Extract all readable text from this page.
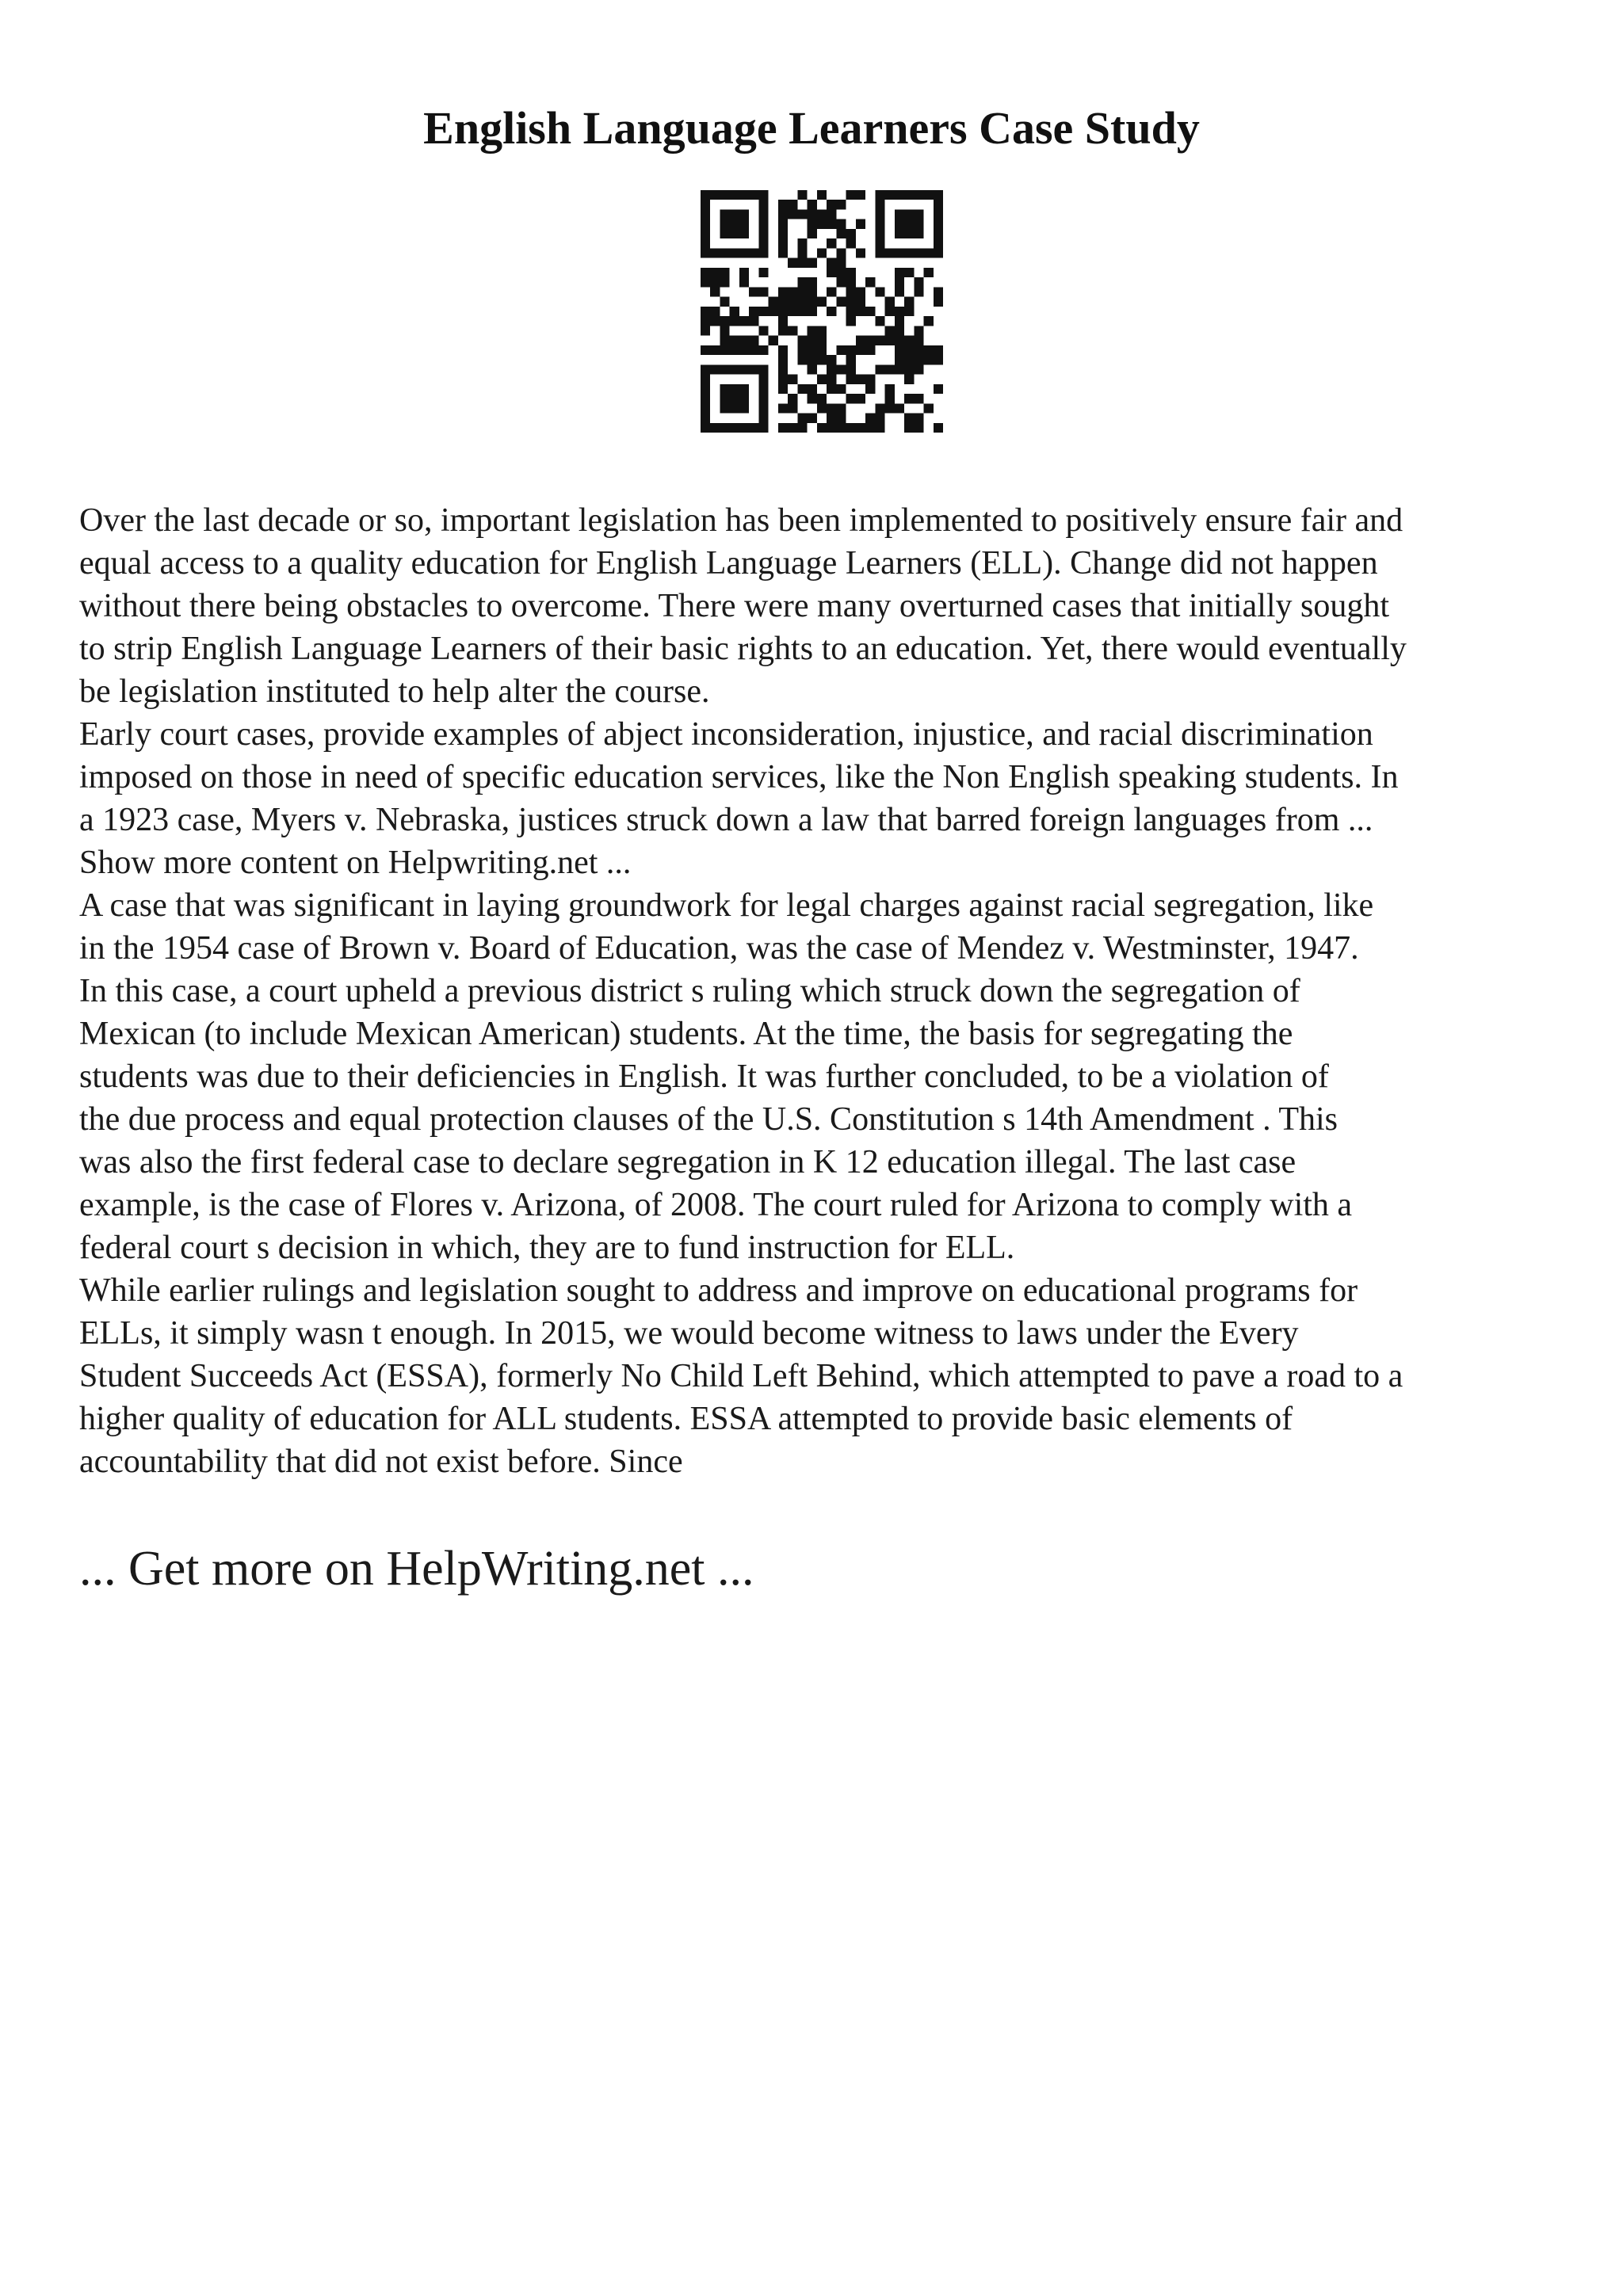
English Language Learners Case Study
Over the last decade or so, important legislation has been implemented to positively ensure fair and
equal access to a quality education for English Language Learners (ELL). Change did not happen
without there being obstacles to overcome. There were many overturned cases that initially sought
to strip English Language Learners of their basic rights to an education. Yet, there would eventually
be legislation instituted to help alter the course.
Early court cases, provide examples of abject inconsideration, injustice, and racial discrimination
imposed on those in need of specific education services, like the Non English speaking students. In
a 1923 case, Myers v. Nebraska, justices struck down a law that barred foreign languages from ...
Show more content on Helpwriting.net ...
A case that was significant in laying groundwork for legal charges against racial segregation, like
in the 1954 case of Brown v. Board of Education, was the case of Mendez v. Westminster, 1947.
In this case, a court upheld a previous district s ruling which struck down the segregation of
Mexican (to include Mexican American) students. At the time, the basis for segregating the
students was due to their deficiencies in English. It was further concluded, to be a violation of
the due process and equal protection clauses of the U.S. Constitution s 14th Amendment . This
was also the first federal case to declare segregation in K 12 education illegal. The last case
example, is the case of Flores v. Arizona, of 2008. The court ruled for Arizona to comply with a
federal court s decision in which, they are to fund instruction for ELL.
While earlier rulings and legislation sought to address and improve on educational programs for
ELLs, it simply wasn t enough. In 2015, we would become witness to laws under the Every
Student Succeeds Act (ESSA), formerly No Child Left Behind, which attempted to pave a road to a
higher quality of education for ALL students. ESSA attempted to provide basic elements of
accountability that did not exist before. Since
... Get more on HelpWriting.net ...
